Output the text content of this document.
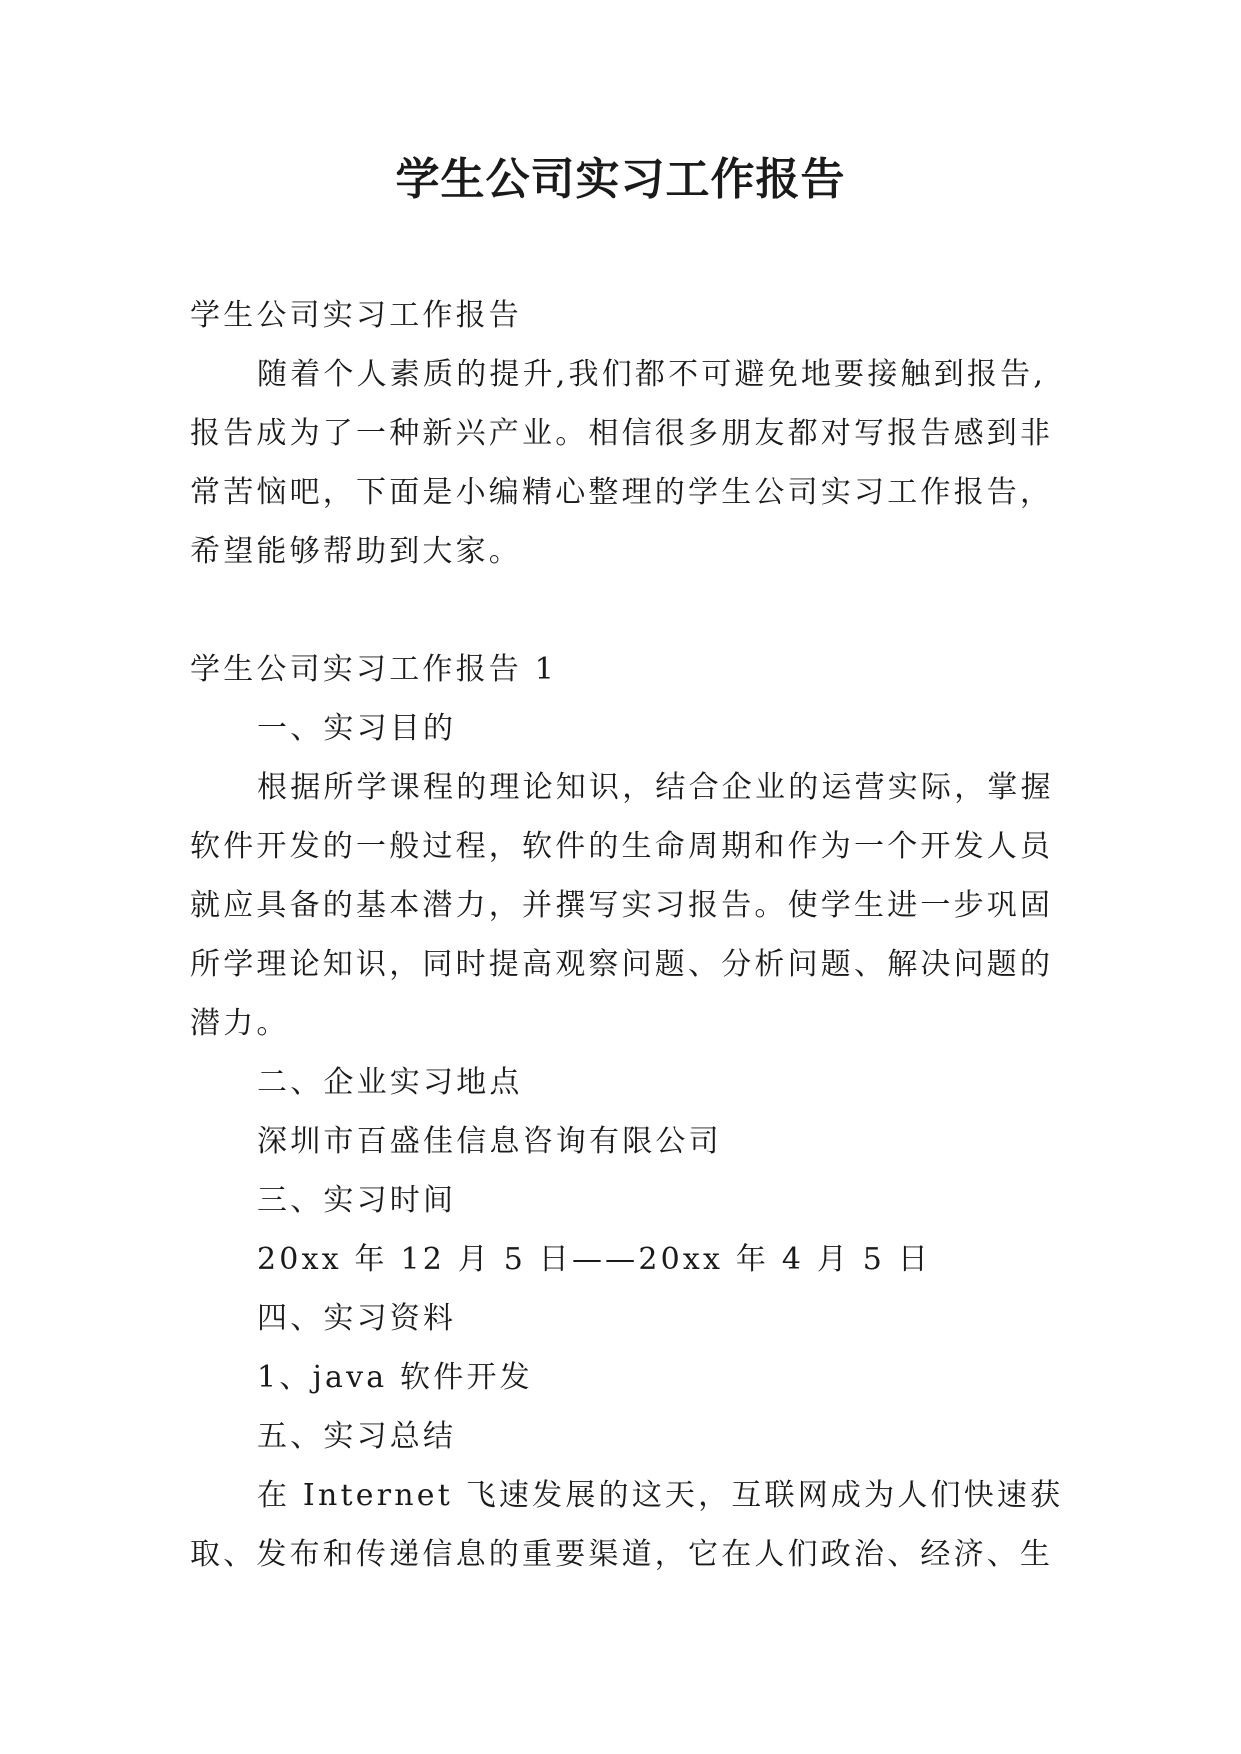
学生公司实习工作报告
学生公司实习工作报告
随着个人素质的提升,我们都不可避免地要接触到报告,
报告成为了一种新兴产业。相信很多朋友都对写报告感到非
常苦恼吧，下面是小编精心整理的学生公司实习工作报告，
希望能够帮助到大家。
学生公司实习工作报告 1
一、实习目的
根据所学课程的理论知识，结合企业的运营实际，掌握
软件开发的一般过程，软件的生命周期和作为一个开发人员
就应具备的基本潜力，并撰写实习报告。使学生进一步巩固
所学理论知识，同时提高观察问题、分析问题、解决问题的
潜力。
二、企业实习地点
深圳市百盛佳信息咨询有限公司
三、实习时间
20xx 年 12 月 5 日——20xx 年 4 月 5 日
四、实习资料
1、java 软件开发
五、实习总结
在 Internet 飞速发展的这天，互联网成为人们快速获
取、发布和传递信息的重要渠道，它在人们政治、经济、生
